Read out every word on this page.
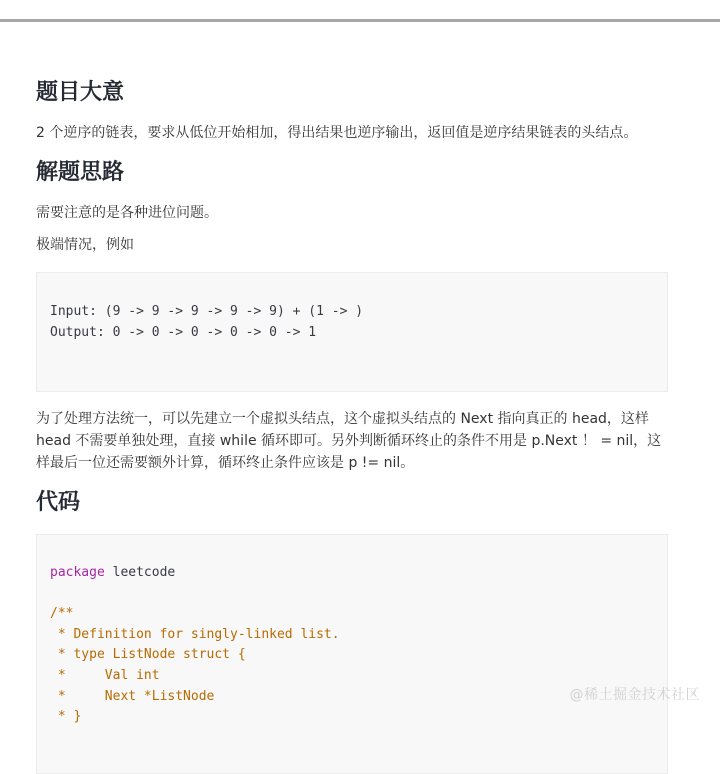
题目大意

2 个逆序的链表，要求从低位开始相加，得出结果也逆序输出，返回值是逆序结果链表的头结点。

解题思路

需要注意的是各种进位问题。

极端情况，例如

Input: (9 -> 9 -> 9 -> 9 -> 9) + (1 -> )
Output: 0 -> 0 -> 0 -> 0 -> 0 -> 1

为了处理方法统一，可以先建立一个虚拟头结点，这个虚拟头结点的 Next 指向真正的 head，这样 head 不需要单独处理，直接 while 循环即可。另外判断循环终止的条件不用是 p.Next ！ = nil，这样最后一位还需要额外计算，循环终止条件应该是 p != nil。

代码
package leetcode
/**
* Definition for singly-linked list.
* type ListNode struct {
*     Val int
*     Next *ListNode
* }
@稀土掘金技术社区
